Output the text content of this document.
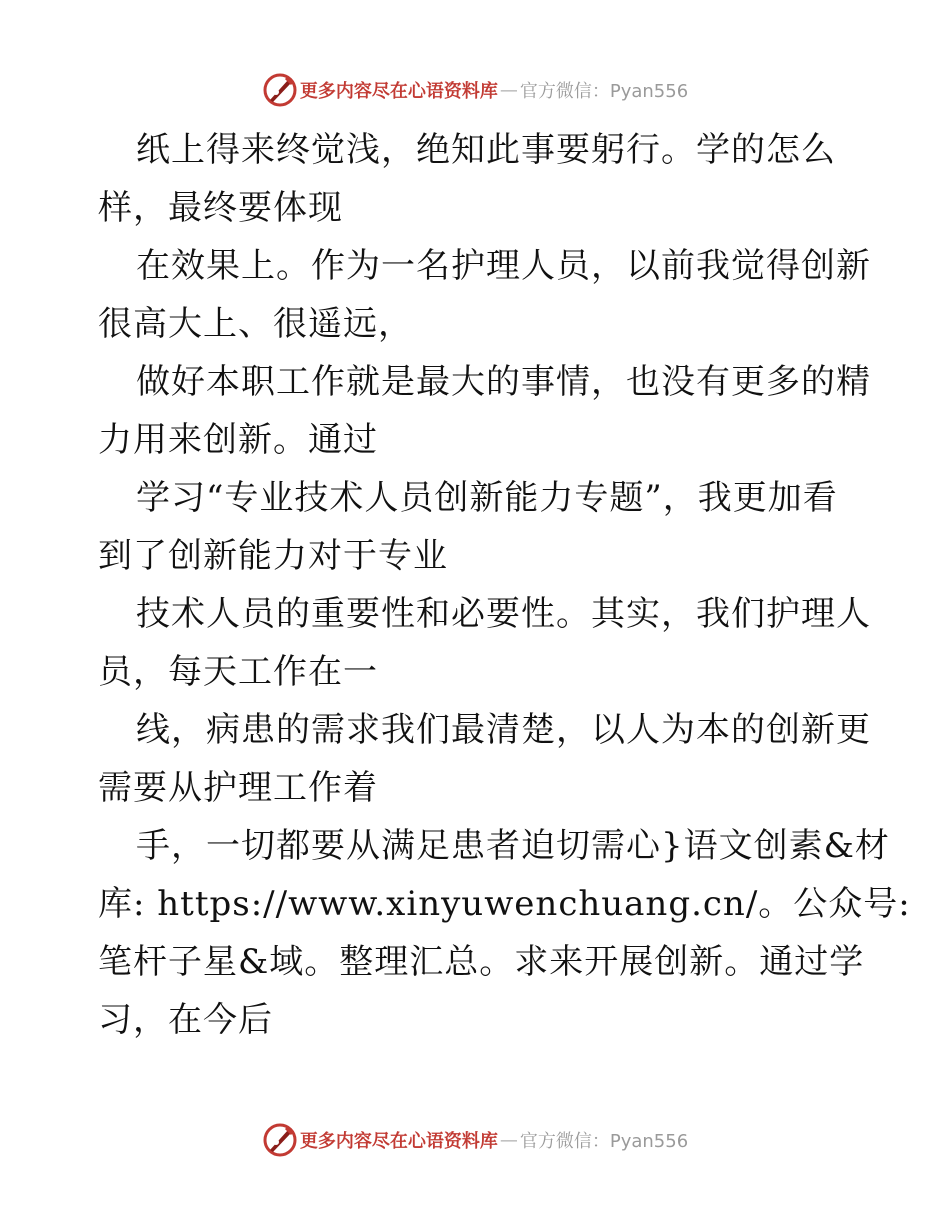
更多内容尽在心语资料库 — 官方微信：Pyan556
纸上得来终觉浅，绝知此事要躬行。学的怎么
样，最终要体现
在效果上。作为一名护理人员，以前我觉得创新
很高大上、很遥远，
做好本职工作就是最大的事情，也没有更多的精
力用来创新。通过
学习“专业技术人员创新能力专题”，我更加看
到了创新能力对于专业
技术人员的重要性和必要性。其实，我们护理人
员，每天工作在一
线，病患的需求我们最清楚，以人为本的创新更
需要从护理工作着
手，一切都要从满足患者迫切需心}语文创素&材
库: https://www.xinyuwenchuang.cn/。公众号:
笔杆子星&域。整理汇总。求来开展创新。通过学
习，在今后
更多内容尽在心语资料库 — 官方微信：Pyan556
